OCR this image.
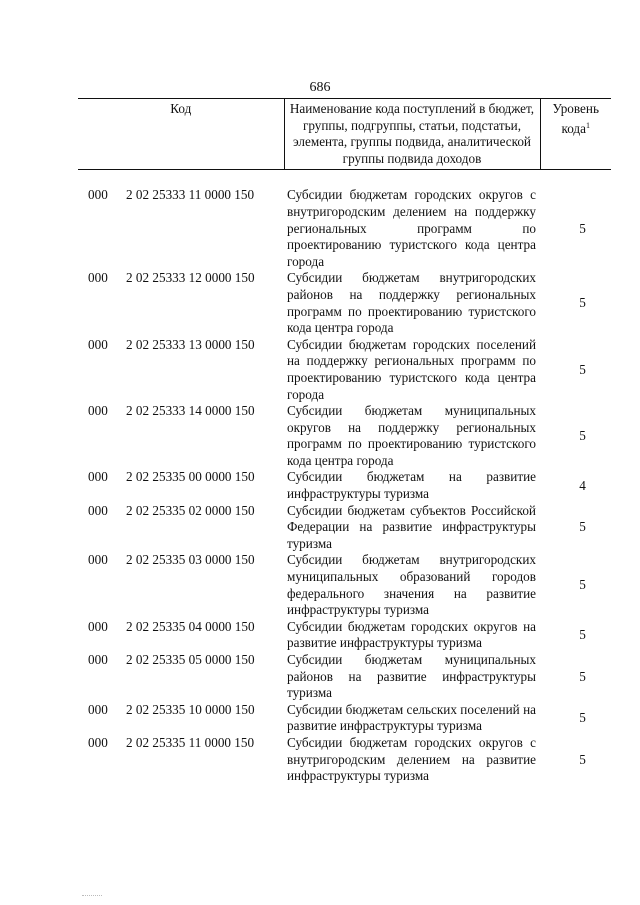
686
Код	Наименование кода поступлений в бюджет, группы, подгруппы, статьи, подстатьи, элемента, группы подвида, аналитической группы подвида доходов	Уровень кода$^1$

000 2 02 25333 11 0000 150	Субсидии бюджетам городских округов с внутригородским делением на поддержку региональных программ по проектированию туристского кода центра города	5
000 2 02 25333 12 0000 150	Субсидии бюджетам внутригородских районов на поддержку региональных программ по проектированию туристского кода центра города	5
000 2 02 25333 13 0000 150	Субсидии бюджетам городских поселений на поддержку региональных программ по проектированию туристского кода центра города	5
000 2 02 25333 14 0000 150	Субсидии бюджетам муниципальных округов на поддержку региональных программ по проектированию туристского кода центра города	5
000 2 02 25335 00 0000 150	Субсидии бюджетам на развитие инфраструктуры туризма	4
000 2 02 25335 02 0000 150	Субсидии бюджетам субъектов Российской Федерации на развитие инфраструктуры туризма	5
000 2 02 25335 03 0000 150	Субсидии бюджетам внутригородских муниципальных образований городов федерального значения на развитие инфраструктуры туризма	5
000 2 02 25335 04 0000 150	Субсидии бюджетам городских округов на развитие инфраструктуры туризма	5
000 2 02 25335 05 0000 150	Субсидии бюджетам муниципальных районов на развитие инфраструктуры туризма	5
000 2 02 25335 10 0000 150	Субсидии бюджетам сельских поселений на развитие инфраструктуры туризма	5
000 2 02 25335 11 0000 150	Субсидии бюджетам городских округов с внутригородским делением на развитие инфраструктуры туризма	5
